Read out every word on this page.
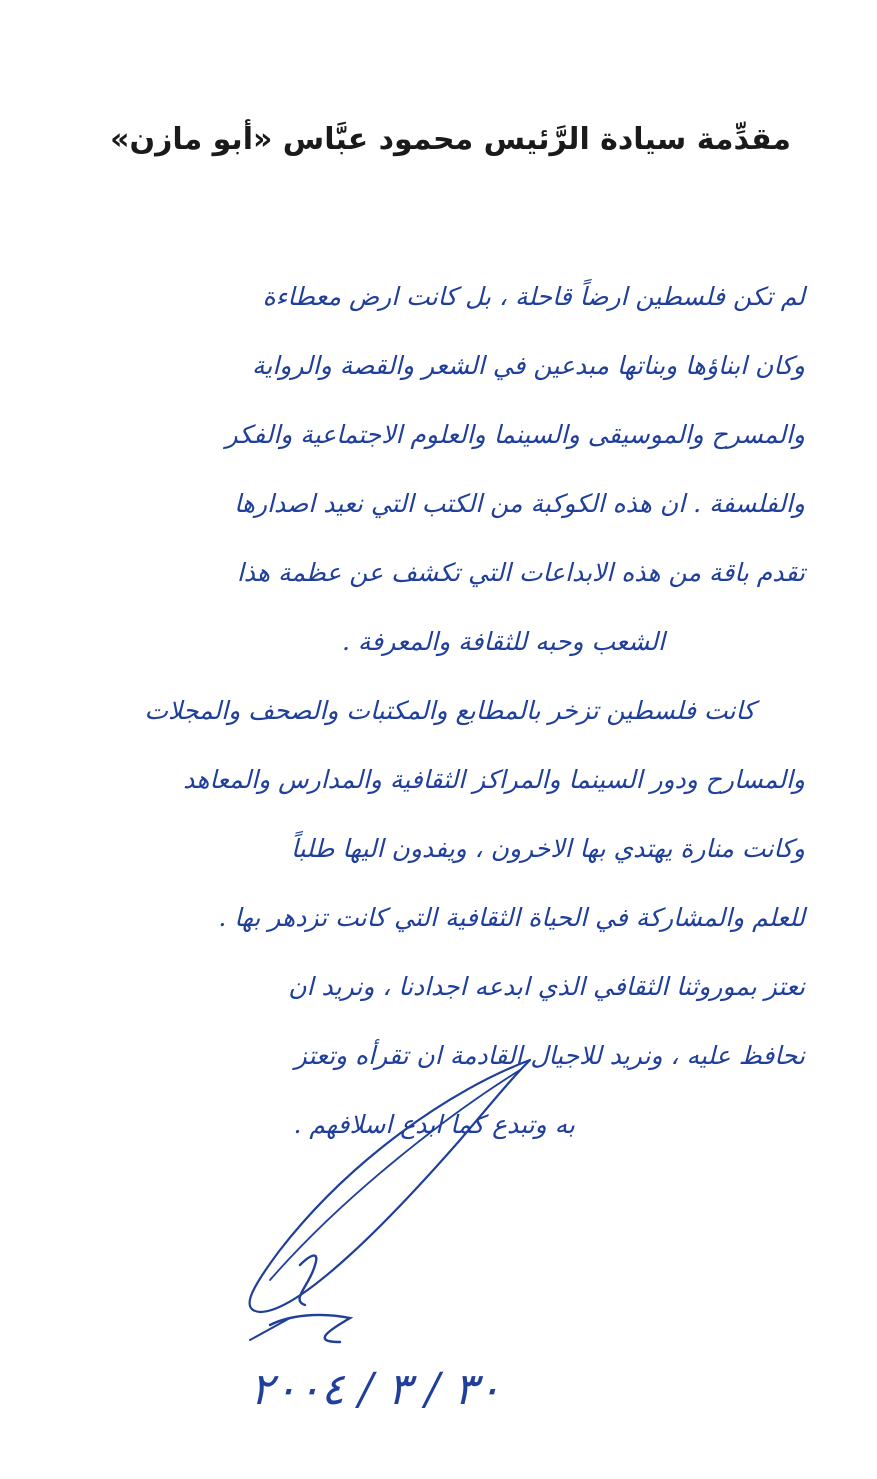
مقدِّمة سيادة الرَّئيس محمود عبَّاس «أبو مازن»
لم تكن فلسطين ارضاً قاحلة ، بل كانت ارض معطاءة
وكان ابناؤها وبناتها مبدعين في الشعر والقصة والرواية
والمسرح والموسيقى والسينما والعلوم الاجتماعية والفكر
والفلسفة . ان هذه الكوكبة من الكتب التي نعيد اصدارها
تقدم باقة من هذه الابداعات التي تكشف عن عظمة هذا
الشعب وحبه للثقافة والمعرفة .
كانت فلسطين تزخر بالمطابع والمكتبات والصحف والمجلات
والمسارح ودور السينما والمراكز الثقافية والمدارس والمعاهد
وكانت منارة يهتدي بها الاخرون ، ويفدون اليها طلباً
للعلم والمشاركة في الحياة الثقافية التي كانت تزدهر بها .
نعتز بموروثنا الثقافي الذي ابدعه اجدادنا ، ونريد ان
نحافظ عليه ، ونريد للاجيال القادمة ان تقرأه وتعتز
به وتبدع كما ابدع اسلافهم .
٣٠ / ٣ / ٢٠٠٤
